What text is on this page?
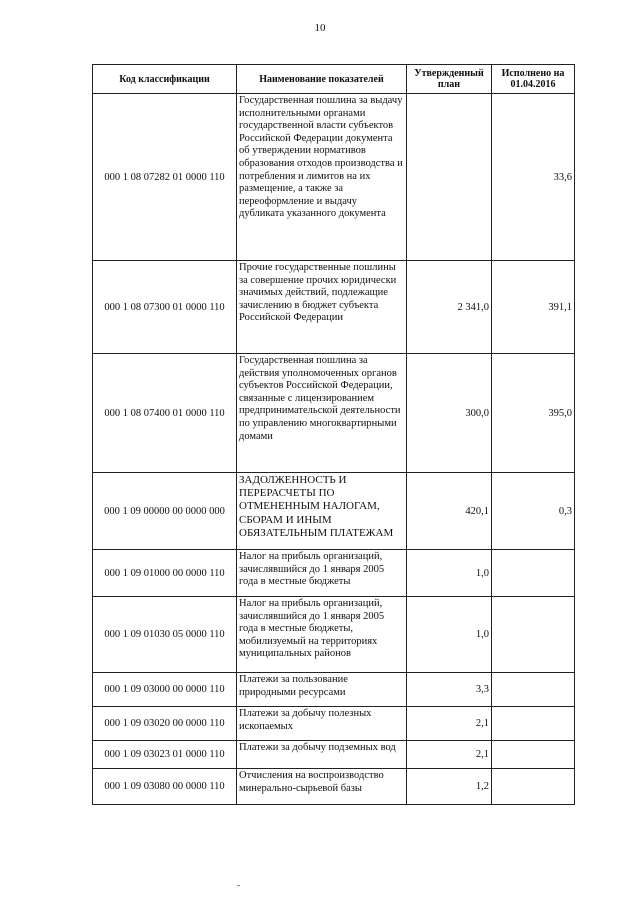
10
Код классификации	Наименование показателей	Утвержденный план	Исполнено на 01.04.2016
000 1 08 07282 01 0000 110	Государственная пошлина за выдачу исполнительными органами государственной власти субъектов Российской Федерации документа об утверждении нормативов образования отходов производства и потребления и лимитов на их размещение, а также за переоформление и выдачу дубликата указанного документа		33,6
000 1 08 07300 01 0000 110	Прочие государственные пошлины за совершение прочих юридически значимых действий, подлежащие зачислению в бюджет субъекта Российской Федерации	2 341,0	391,1
000 1 08 07400 01 0000 110	Государственная пошлина за действия уполномоченных органов субъектов Российской Федерации, связанные с лицензированием предпринимательской деятельности по управлению многоквартирными домами	300,0	395,0
000 1 09 00000 00 0000 000	ЗАДОЛЖЕННОСТЬ И ПЕРЕРАСЧЕТЫ ПО ОТМЕНЕННЫМ НАЛОГАМ, СБОРАМ И ИНЫМ ОБЯЗАТЕЛЬНЫМ ПЛАТЕЖАМ	420,1	0,3
000 1 09 01000 00 0000 110	Налог на прибыль организаций, зачислявшийся до 1 января 2005 года в местные бюджеты	1,0	
000 1 09 01030 05 0000 110	Налог на прибыль организаций, зачислявшийся до 1 января 2005 года в местные бюджеты, мобилизуемый на территориях муниципальных районов	1,0	
000 1 09 03000 00 0000 110	Платежи за пользование природными ресурсами	3,3	
000 1 09 03020 00 0000 110	Платежи за добычу полезных ископаемых	2,1	
000 1 09 03023 01 0000 110	Платежи за добычу подземных вод	2,1	
000 1 09 03080 00 0000 110	Отчисления на воспроизводство минерально-сырьевой базы	1,2	
